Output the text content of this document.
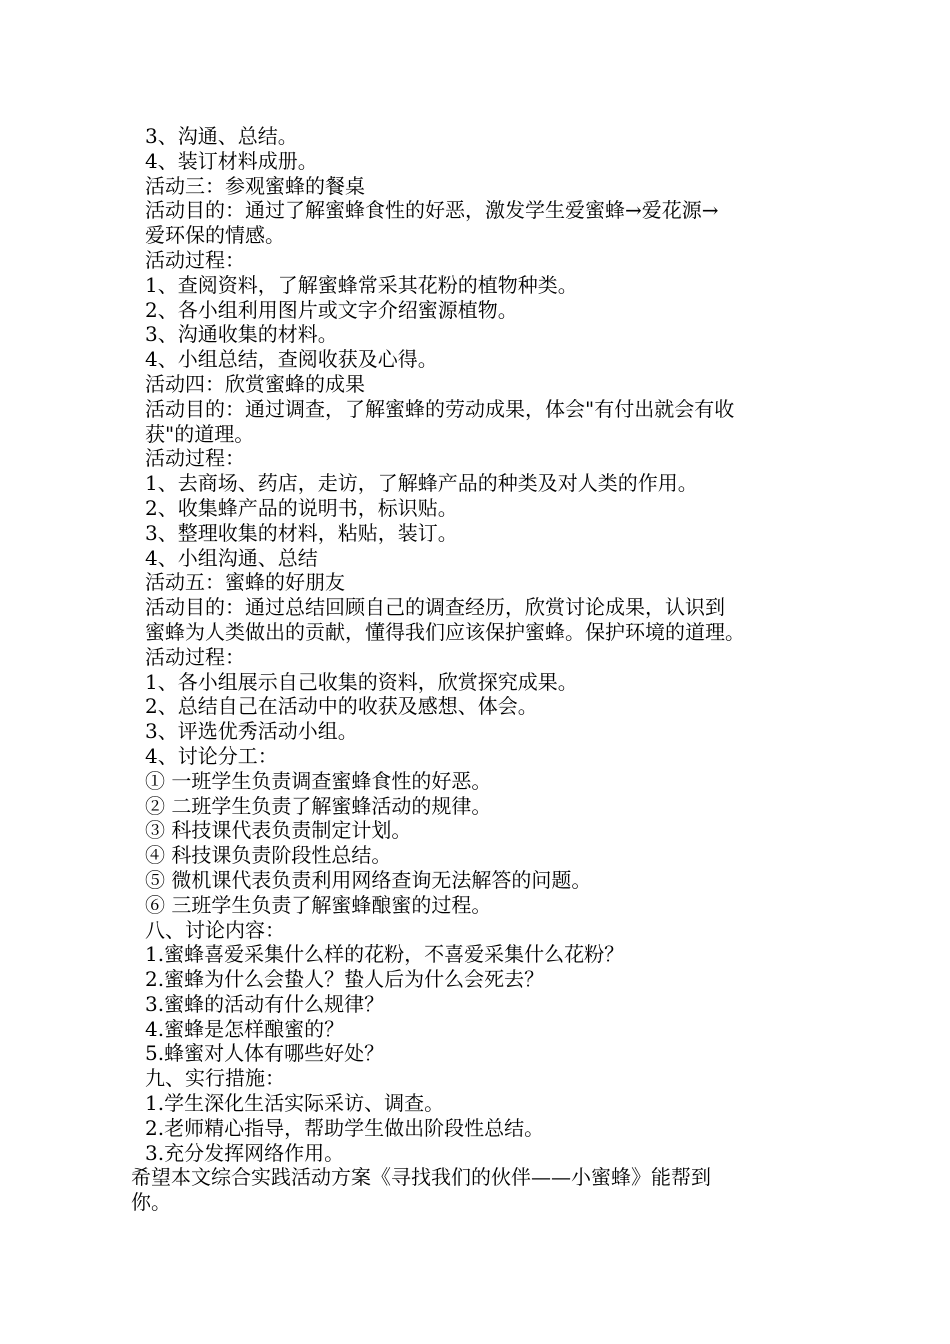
3、沟通、总结。
4、装订材料成册。
活动三：参观蜜蜂的餐桌
活动目的：通过了解蜜蜂食性的好恶，激发学生爱蜜蜂→爱花源→
爱环保的情感。
活动过程：
1、查阅资料，了解蜜蜂常采其花粉的植物种类。
2、各小组利用图片或文字介绍蜜源植物。
3、沟通收集的材料。
4、小组总结，查阅收获及心得。
活动四：欣赏蜜蜂的成果
活动目的：通过调查，了解蜜蜂的劳动成果，体会"有付出就会有收
获"的道理。
活动过程：
1、去商场、药店，走访，了解蜂产品的种类及对人类的作用。
2、收集蜂产品的说明书，标识贴。
3、整理收集的材料，粘贴，装订。
4、小组沟通、总结
活动五：蜜蜂的好朋友
活动目的：通过总结回顾自己的调查经历，欣赏讨论成果，认识到
蜜蜂为人类做出的贡献，懂得我们应该保护蜜蜂。保护环境的道理。
活动过程：
1、各小组展示自己收集的资料，欣赏探究成果。
2、总结自己在活动中的收获及感想、体会。
3、评选优秀活动小组。
4、讨论分工：
① 一班学生负责调查蜜蜂食性的好恶。
② 二班学生负责了解蜜蜂活动的规律。
③ 科技课代表负责制定计划。
④ 科技课负责阶段性总结。
⑤ 微机课代表负责利用网络查询无法解答的问题。
⑥ 三班学生负责了解蜜蜂酿蜜的过程。
八、讨论内容：
1.蜜蜂喜爱采集什么样的花粉，不喜爱采集什么花粉？
2.蜜蜂为什么会蛰人？蛰人后为什么会死去？
3.蜜蜂的活动有什么规律？
4.蜜蜂是怎样酿蜜的？
5.蜂蜜对人体有哪些好处？
九、实行措施：
1.学生深化生活实际采访、调查。
2.老师精心指导，帮助学生做出阶段性总结。
3.充分发挥网络作用。
希望本文综合实践活动方案《寻找我们的伙伴——小蜜蜂》能帮到
你。
